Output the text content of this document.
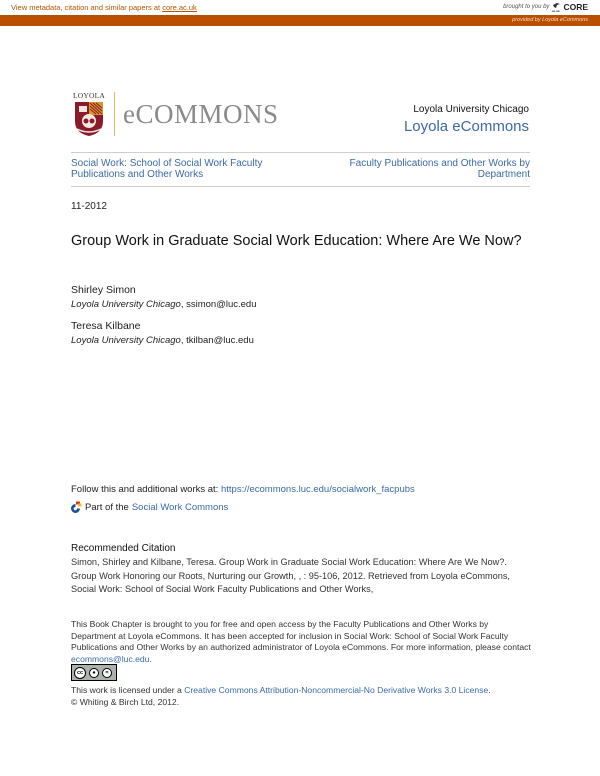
View metadata, citation and similar papers at core.ac.uk	brought to you by
ac.uk CORE
provided by Loyola eCommons
LOYOLA
eCOMMONS	Loyola University Chicago
Loyola eCommons
Social Work: School of Social Work Faculty Publications and Other Works
Faculty Publications and Other Works by Department
11-2012
Group Work in Graduate Social Work Education: Where Are We Now?
Shirley Simon
Loyola University Chicago, ssimon@luc.edu
Teresa Kilbane
Loyola University Chicago, tkilban@luc.edu
Follow this and additional works at: https://ecommons.luc.edu/socialwork_facpubs
Part of the Social Work Commons
Recommended Citation
Simon, Shirley and Kilbane, Teresa. Group Work in Graduate Social Work Education: Where Are We Now?. Group Work Honoring our Roots, Nurturing our Growth, , : 95-106, 2012. Retrieved from Loyola eCommons, Social Work: School of Social Work Faculty Publications and Other Works,
This Book Chapter is brought to you for free and open access by the Faculty Publications and Other Works by Department at Loyola eCommons. It has been accepted for inclusion in Social Work: School of Social Work Faculty Publications and Other Works by an authorized administrator of Loyola eCommons. For more information, please contact ecommons@luc.edu.
cc	●	=
This work is licensed under a Creative Commons Attribution-Noncommercial-No Derivative Works 3.0 License.
© Whiting & Birch Ltd, 2012.
